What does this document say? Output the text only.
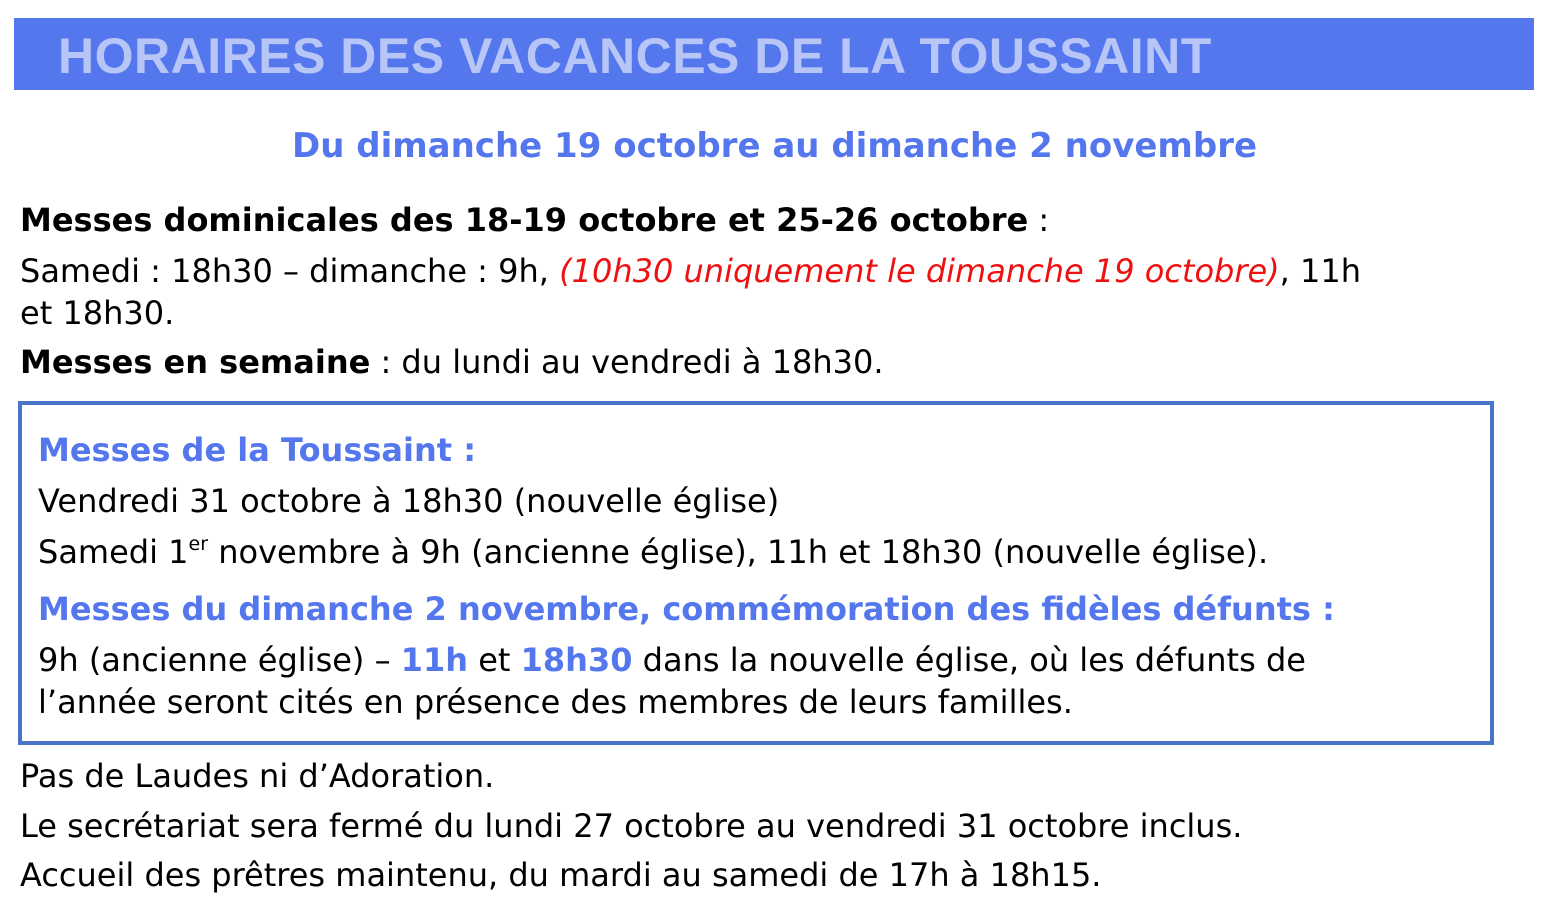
HORAIRES DES VACANCES DE LA TOUSSAINT

Du dimanche 19 octobre au dimanche 2 novembre

Messes dominicales des 18-19 octobre et 25-26 octobre :

Samedi : 18h30 – dimanche : 9h, (10h30 uniquement le dimanche 19 octobre), 11h

et 18h30.

Messes en semaine : du lundi au vendredi à 18h30.

Messes de la Toussaint :

Vendredi 31 octobre à 18h30 (nouvelle église)

Samedi 1er novembre à 9h (ancienne église), 11h et 18h30 (nouvelle église).

Messes du dimanche 2 novembre, commémoration des fidèles défunts :

9h (ancienne église) – 11h et 18h30 dans la nouvelle église, où les défunts de

l’année seront cités en présence des membres de leurs familles.

Pas de Laudes ni d’Adoration.

Le secrétariat sera fermé du lundi 27 octobre au vendredi 31 octobre inclus.

Accueil des prêtres maintenu, du mardi au samedi de 17h à 18h15.
